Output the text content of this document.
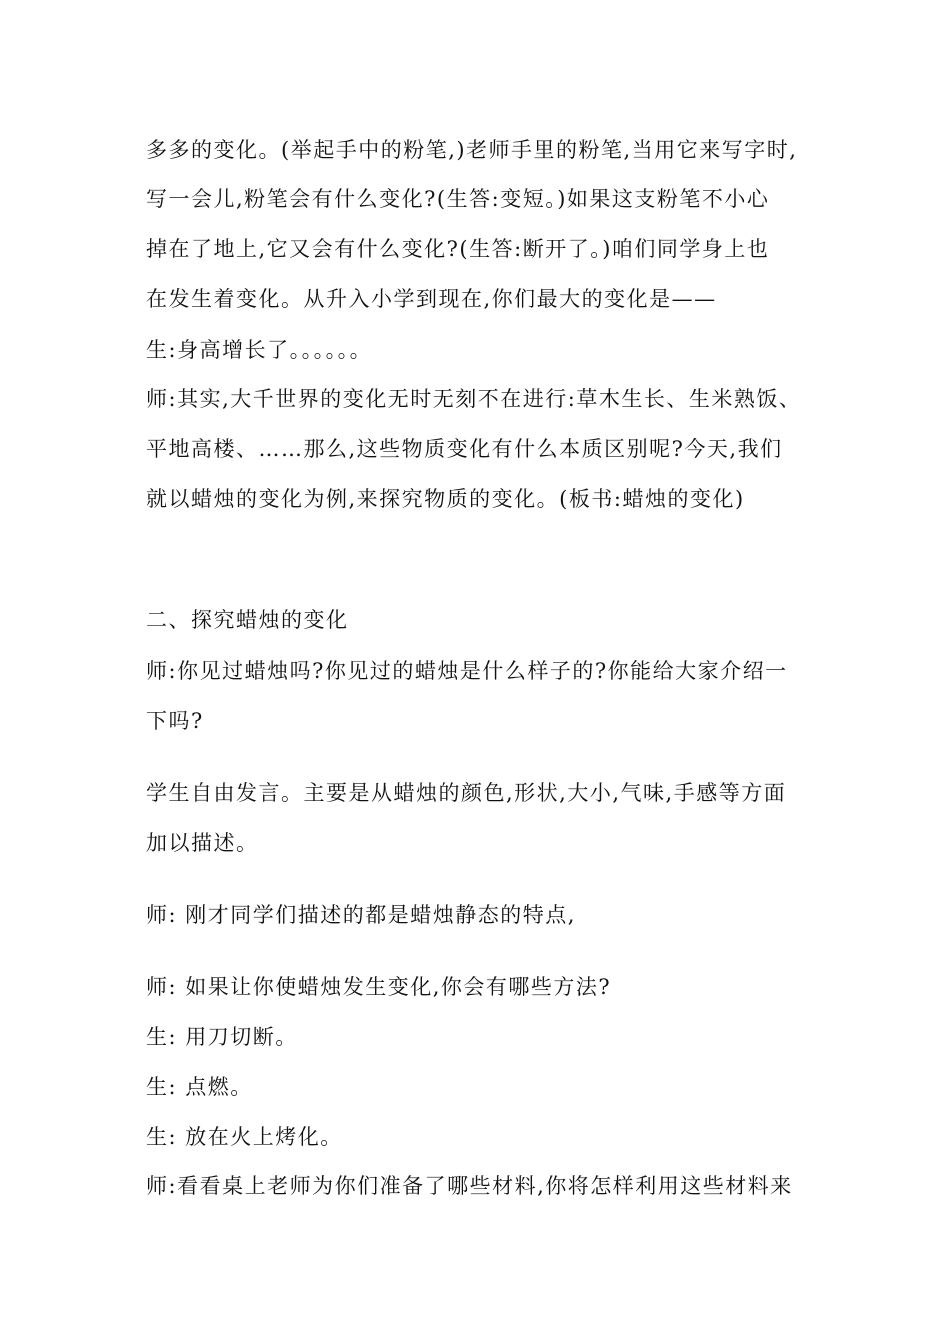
多多的变化。(举起手中的粉笔,)老师手里的粉笔,当用它来写字时,
写一会儿,粉笔会有什么变化?(生答:变短。)如果这支粉笔不小心
掉在了地上,它又会有什么变化?(生答:断开了。)咱们同学身上也
在发生着变化。从升入小学到现在,你们最大的变化是——
生:身高增长了。。。。。。
师:其实,大千世界的变化无时无刻不在进行:草木生长、生米熟饭、
平地高楼、……那么,这些物质变化有什么本质区别呢?今天,我们
就以蜡烛的变化为例,来探究物质的变化。(板书:蜡烛的变化)
二、探究蜡烛的变化
师:你见过蜡烛吗?你见过的蜡烛是什么样子的?你能给大家介绍一
下吗?
学生自由发言。主要是从蜡烛的颜色,形状,大小,气味,手感等方面
加以描述。
师: 刚才同学们描述的都是蜡烛静态的特点,
师: 如果让你使蜡烛发生变化,你会有哪些方法?
生: 用刀切断。
生: 点燃。
生: 放在火上烤化。
师:看看桌上老师为你们准备了哪些材料,你将怎样利用这些材料来
